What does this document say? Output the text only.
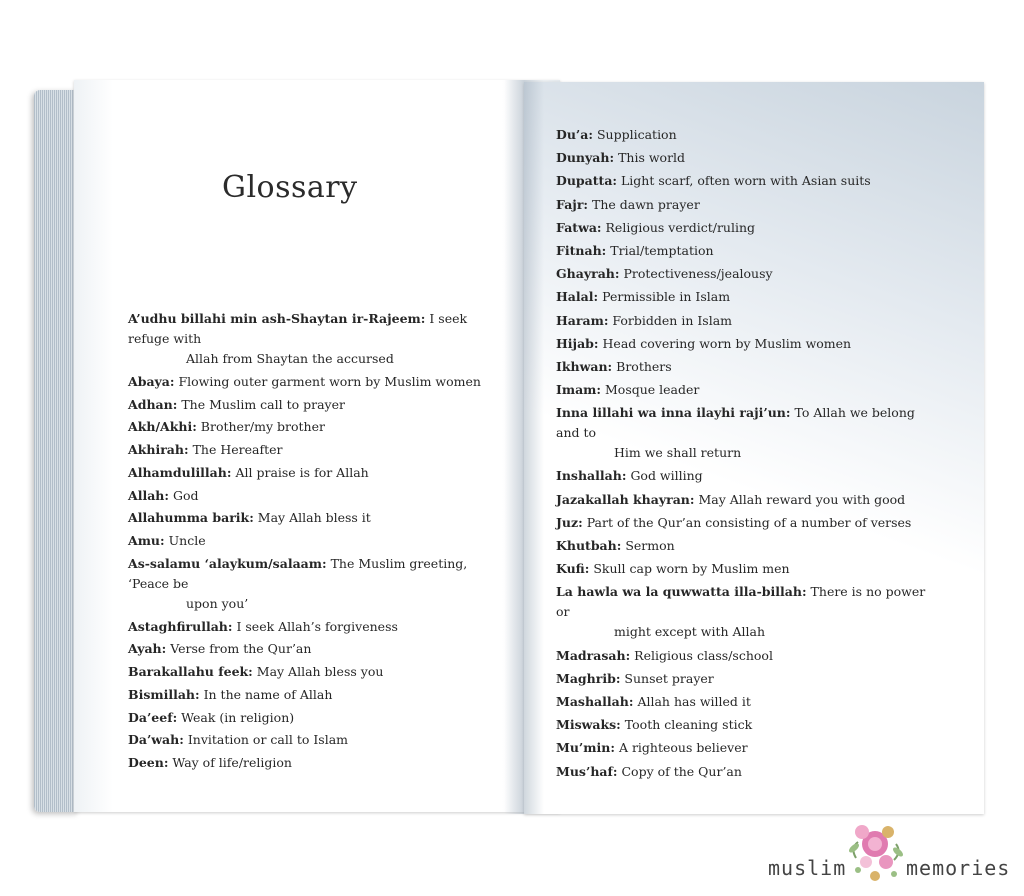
Glossary
A’udhu billahi min ash-Shaytan ir-Rajeem: I seek refuge with
Allah from Shaytan the accursed
Abaya: Flowing outer garment worn by Muslim women
Adhan: The Muslim call to prayer
Akh/Akhi: Brother/my brother
Akhirah: The Hereafter
Alhamdulillah: All praise is for Allah
Allah: God
Allahumma barik: May Allah bless it
Amu: Uncle
As-salamu ‘alaykum/salaam: The Muslim greeting, ‘Peace be
upon you’
Astaghfirullah: I seek Allah’s forgiveness
Ayah: Verse from the Qur’an
Barakallahu feek: May Allah bless you
Bismillah: In the name of Allah
Da’eef: Weak (in religion)
Da’wah: Invitation or call to Islam
Deen: Way of life/religion
Du’a: Supplication
Dunyah: This world
Dupatta: Light scarf, often worn with Asian suits
Fajr: The dawn prayer
Fatwa: Religious verdict/ruling
Fitnah: Trial/temptation
Ghayrah: Protectiveness/jealousy
Halal: Permissible in Islam
Haram: Forbidden in Islam
Hijab: Head covering worn by Muslim women
Ikhwan: Brothers
Imam: Mosque leader
Inna lillahi wa inna ilayhi raji’un: To Allah we belong and to
Him we shall return
Inshallah: God willing
Jazakallah khayran: May Allah reward you with good
Juz: Part of the Qur’an consisting of a number of verses
Khutbah: Sermon
Kufi: Skull cap worn by Muslim men
La hawla wa la quwwatta illa-billah: There is no power or
might except with Allah
Madrasah: Religious class/school
Maghrib: Sunset prayer
Mashallah: Allah has willed it
Miswaks: Tooth cleaning stick
Mu’min: A righteous believer
Mus’haf: Copy of the Qur’an
muslim	memories
